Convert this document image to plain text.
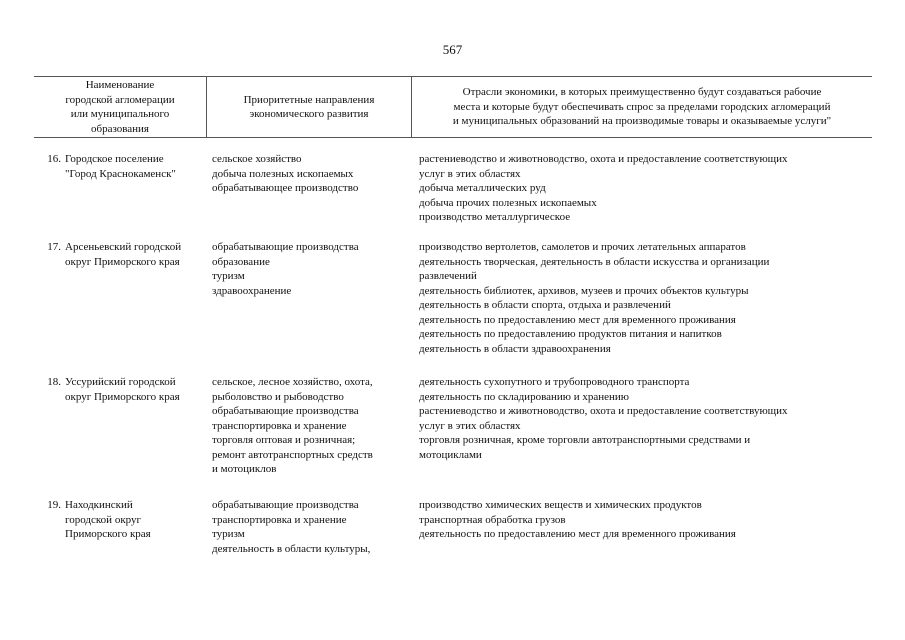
567
Наименование
городской агломерации
или муниципального
образования
Приоритетные направления
экономического развития
Отрасли экономики, в которых преимущественно будут создаваться рабочие
места и которые будут обеспечивать спрос за пределами городских агломераций
и муниципальных образований на производимые товары и оказываемые услуги"
16. Городское поселение
"Город Краснокаменск"
сельское хозяйство
добыча полезных ископаемых
обрабатывающее производство
растениеводство и животноводство, охота и предоставление соответствующих
услуг в этих областях
добыча металлических руд
добыча прочих полезных ископаемых
производство металлургическое
17. Арсеньевский городской
округ Приморского края
обрабатывающие производства
образование
туризм
здравоохранение
производство вертолетов, самолетов и прочих летательных аппаратов
деятельность творческая, деятельность в области искусства и организации
развлечений
деятельность библиотек, архивов, музеев и прочих объектов культуры
деятельность в области спорта, отдыха и развлечений
деятельность по предоставлению мест для временного проживания
деятельность по предоставлению продуктов питания и напитков
деятельность в области здравоохранения
18. Уссурийский городской
округ Приморского края
сельское, лесное хозяйство, охота,
рыболовство и рыбоводство
обрабатывающие производства
транспортировка и хранение
торговля оптовая и розничная;
ремонт автотранспортных средств
и мотоциклов
деятельность сухопутного и трубопроводного транспорта
деятельность по складированию и хранению
растениеводство и животноводство, охота и предоставление соответствующих
услуг в этих областях
торговля розничная, кроме торговли автотранспортными средствами и
мотоциклами
19. Находкинский
городской округ
Приморского края
обрабатывающие производства
транспортировка и хранение
туризм
деятельность в области культуры,
производство химических веществ и химических продуктов
транспортная обработка грузов
деятельность по предоставлению мест для временного проживания
